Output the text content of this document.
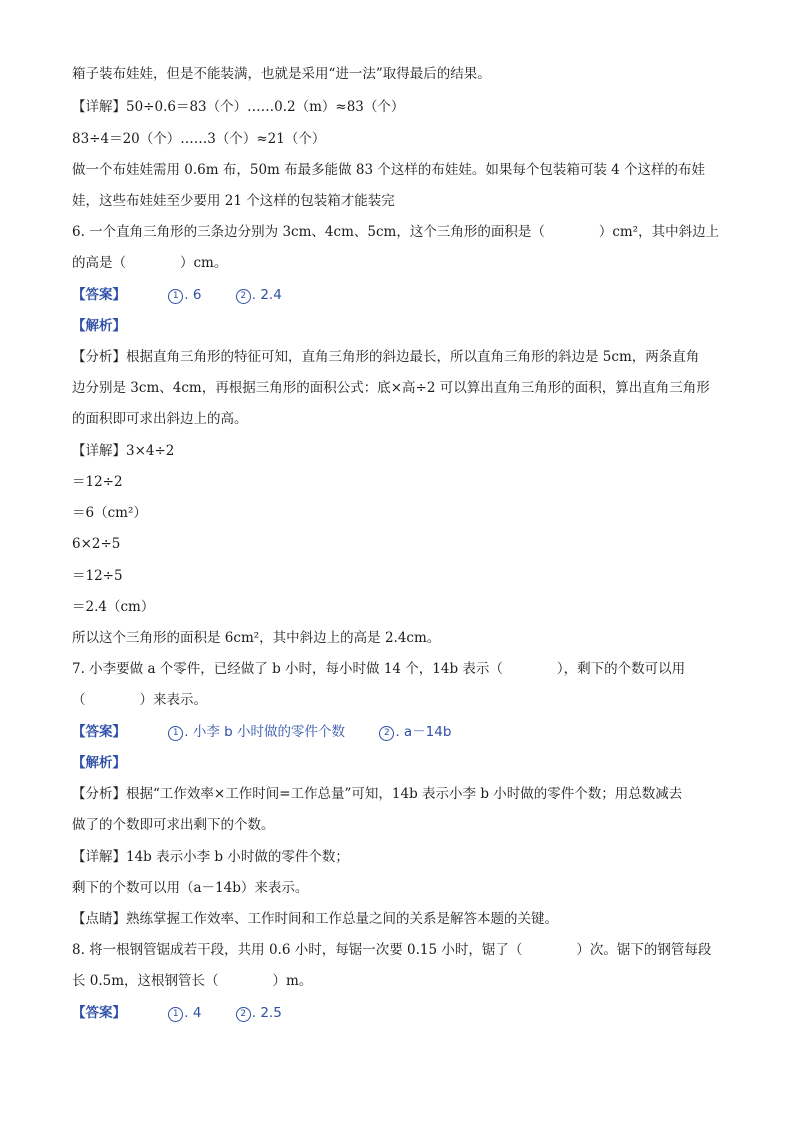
箱子装布娃娃，但是不能装满，也就是采用“进一法”取得最后的结果。
【详解】50÷0.6＝83（个）……0.2（m）≈83（个）
83÷4＝20（个）……3（个）≈21（个）
做一个布娃娃需用 0.6m 布，50m 布最多能做 83 个这样的布娃娃。如果每个包装箱可装 4 个这样的布娃
娃，这些布娃娃至少要用 21 个这样的包装箱才能装完
6. 一个直角三角形的三条边分别为 3cm、4cm、5cm，这个三角形的面积是（　　　　）cm²，其中斜边上
的高是（　　　　）cm。
【答案】	1 . 6	2 . 2.4
【解析】
【分析】根据直角三角形的特征可知，直角三角形的斜边最长，所以直角三角形的斜边是 5cm，两条直角
边分别是 3cm、4cm，再根据三角形的面积公式：底×高÷2 可以算出直角三角形的面积，算出直角三角形
的面积即可求出斜边上的高。
【详解】3×4÷2
＝12÷2
＝6（cm²）
6×2÷5
＝12÷5
＝2.4（cm）
所以这个三角形的面积是 6cm²，其中斜边上的高是 2.4cm。
7. 小李要做 a 个零件，已经做了 b 小时，每小时做 14 个，14b 表示（　　　　），剩下的个数可以用
（　　　　）来表示。
【答案】	1 . 小李 b 小时做的零件个数	2 . a－14b
【解析】
【分析】根据“工作效率×工作时间=工作总量”可知，14b 表示小李 b 小时做的零件个数；用总数减去
做了的个数即可求出剩下的个数。
【详解】14b 表示小李 b 小时做的零件个数；
剩下的个数可以用（a－14b）来表示。
【点睛】熟练掌握工作效率、工作时间和工作总量之间的关系是解答本题的关键。
8. 将一根钢管锯成若干段，共用 0.6 小时，每锯一次要 0.15 小时，锯了（　　　　）次。锯下的钢管每段
长 0.5m，这根钢管长（　　　　）m。
【答案】	1 . 4	2 . 2.5
